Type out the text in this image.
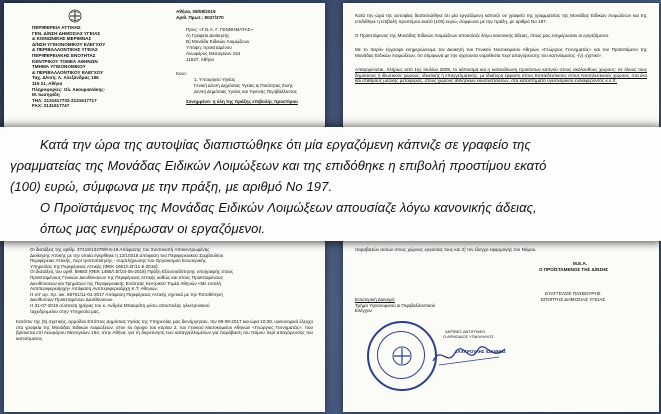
ΠΕΡΙΦΕΡΕΙΑ ΑΤΤΙΚΗΣ
ΓΕΝ. Δ/ΝΣΗ ΔΗΜΟΣΙΑΣ ΥΓΕΙΑΣ
& ΚΟΙΝΩΝΙΚΗΣ ΜΕΡΙΜΝΑΣ
Δ/ΝΣΗ ΥΓΕΙΟΝΟΜΙΚΟΥ ΕΛΕΓΧΟΥ
& ΠΕΡΙΒΑΛΛΟΝΤΙΚΗΣ ΥΓΕΙΑΣ
ΠΕΡΙΦΕΡΕΙΑΚΗΣ ΕΝΟΤΗΤΑΣ
ΚΕΝΤΡΙΚΟΥ ΤΟΜΕΑ ΑΘΗΝΩΝ
ΤΜΗΜΑ ΥΓΕΙΟΝΟΜΙΚΟΥ
& ΠΕΡΙΒΑΛΛΟΝΤΙΚΟΥ ΕΛΕΓΧΟΥ
Ταχ. Δ/νση: Λ. Αλεξάνδρας 196
115 21, Αθήνα
Πληροφορίες: Ολ. Ακουμιανάκης-
Μ. Ιωσηφίδη
ΤΗΛ: 2131617732-2131617717
FAX: 2131617747
Αθήνα, 08/08/2019
Αριθ. Πρωτ.: 8037/370
Προς: «Γ.Ν.Α. Γ. ΓΕΝΝΗΜΑΤΑΣ»
Α) Γραφείο Διοίκησης
Β) Μονάδα Ειδικών Λοιμώξεων
Υπόψη: προϊσταμένου
Λεωφόρος Μεσογείων 154
11527, Αθήνα
Κοιν.:
1. Υπουργείο Υγείας
Γενική Δ/νση Δημόσιας Υγείας & Ποιότητας Ζωής
Δ/νση Δημόσιας Υγείας και Υγιεινής Περιβάλλοντος
Συνημμένο: η ύλη της πράξης επιβολής προστίμου
Οι διατάξεις της αριθμ. 37419/13479/8-5-18 Απόφασης του Συντονιστή Αποκεντρωμένης
Διοίκησης Αττικής με την οποία εγκρίθηκε η 12/10318 απόφαση του Περιφερειακού Συμβουλίου
Περιφέρειας Αττικής, περί τροποποίησης - συμπλήρωσης του Οργανισμού Εσωτερικής
Υπηρεσίας της Περιφέρειας Αττικής (ΦΕΚ 1661/τ.Β'/11-5-2018).
Οι διατάξεις του αριθ. 89683 (ΦΕΚ 1465/τ.Β'/24-05-2018) Πράξη Εξουσιοδότησης υπογραφής στους
Προϊσταμένους Γενικών Διευθύνσεων της Περιφέρειας Αττικής καθώς και στους Προϊσταμένους
Διευθύνσεων και Τμημάτων της Περιφερειακής Ενότητας Κεντρικού Τομέα Αθηνών «Με εντολή
Αντιπεριφερειάρχη» Απόφαση Αντιπεριφερειάρχη Κ.Τ. Αθηνών.
Η υπ' αρ. πρ. οικ. 85701/11-01-2017 Απόφαση Περιφέρειας Αττικής σχετικά με την Τοποθέτηση
Διευθυντών Προϊσταμένων Διευθύνσεων.
Η 31-07-2019 σύσταση ημέρας του κ. Ανδρέα Μπακράτη μέσω αποστολής ηλεκτρονικού
ταχυδρομείου στην Υπηρεσία μας.
Κατόπιν της (5) σχετικής, αρμόδιοι Επόπτες Δημόσιας Υγείας της Υπηρεσίας μας διενήργησαν, την 08-08-2017 και ώρα 10:30, υγειονομικό έλεγχο στα γραφεία της Μονάδας Ειδικών Λοιμώξεων, στον 4ο όροφο του κτιρίου 2, του Γενικού Νοσοκομείου Αθηνών «Γεώργιος Γεννηματάς», που βρίσκεται επί Λεωφόρου Μεσογείων 154, στην Αθήνα, για τη διερεύνηση των καταγγελλομένων για παράβαση του Νόμου περί απαγόρευσης του καπνίσματος.
Κατά την ώρα της αυτοψίας διαπιστώθηκε ότι μία εργαζόμενη κάπνιζε σε γραφείο της γραμματείας της Μονάδας Ειδικών Λοιμώξεων και της επιδόθηκε η επιβολή προστίμου εκατό (100) ευρώ, σύμφωνα με την πράξη, με αριθμό Νο 197.
Ο Προϊστάμενος της Μονάδας Ειδικών Λοιμώξεων απουσίαζε λόγω κανονικής άδειας, όπως μας ενημέρωσαν οι εργαζόμενοι.
Με το παρόν έγγραφο ενημερώνουμε τον Διοικητή του Γενικού Νοσοκομείου Αθηνών «Γεώργιος Γεννηματάς» και τον Προϊστάμενο της Μονάδας Ειδικών Λοιμώξεων, ότι σύμφωνα με την ισχύουσα νομοθεσία περί απαγόρευσης του καπνίσματος -(ν) σχετικό-:
Απαγορεύεται, πλήρως από 1ης Ιουλίου 2009, το κάπνισμα και η κατανάλωση προϊόντων καπνού στους ακόλουθους χώρους: σε όλους τους δημόσιους ή ιδιωτικούς χώρους, ιδιωτικής ή επαγγελματικής, με ιδιαίτερη έμφαση στους Εκπαιδευτικούς στους Νοσηλευτικούς χώρους, στα έκο και σταθμούς μαζικής μεταφοράς, στους χώρους αθλητικών εκκαταστάσεων, στα καταστήματα υγειονομικού ενδιαφέροντος κ.λ.π.
παραβατών αυτών στους χώρους εργασίας τους και 2) τον έλεγχο εφαρμογής του Νόμου.
Μ.Ε.Α.
Ο ΠΡΟΪΣΤΑΜΕΝΟΣ ΤΗΣ Δ/ΝΣΗΣ
ΕΥΑΓΓΕΛΟΣ ΠΑΣΒΟΥΡΗΣ
ΕΠΟΠΤΗΣ ΔΗΜΟΣΙΑΣ ΥΓΕΙΑΣ
Εσωτερική Διανομή
Τμήμα Υγειονομικού & Περιβαλλοντικού
Ελέγχου
ΑΚΡΙΒΕΣ ΑΝΤΙΓΡΑΦΟ
Ο ΑΡΜΟΔΙΟΣ ΥΠΑΛΛΗΛΟΣ
ΖΑΧΑΡΟΥΛΗΣ ΙΩΑΝΝΗΣ
Κατά την ώρα της αυτοψίας διαπιστώθηκε ότι μία εργαζόμενη κάπνιζε σε γραφείο της
γραμματείας της Μονάδας Ειδικών Λοιμώξεων και της επιδόθηκε η επιβολή προστίμου εκατό
(100) ευρώ, σύμφωνα με την πράξη, με αριθμό Νο 197.
Ο Προϊστάμενος της Μονάδας Ειδικών Λοιμώξεων απουσίαζε λόγω κανονικής άδειας,
όπως μας ενημέρωσαν οι εργαζόμενοι.
